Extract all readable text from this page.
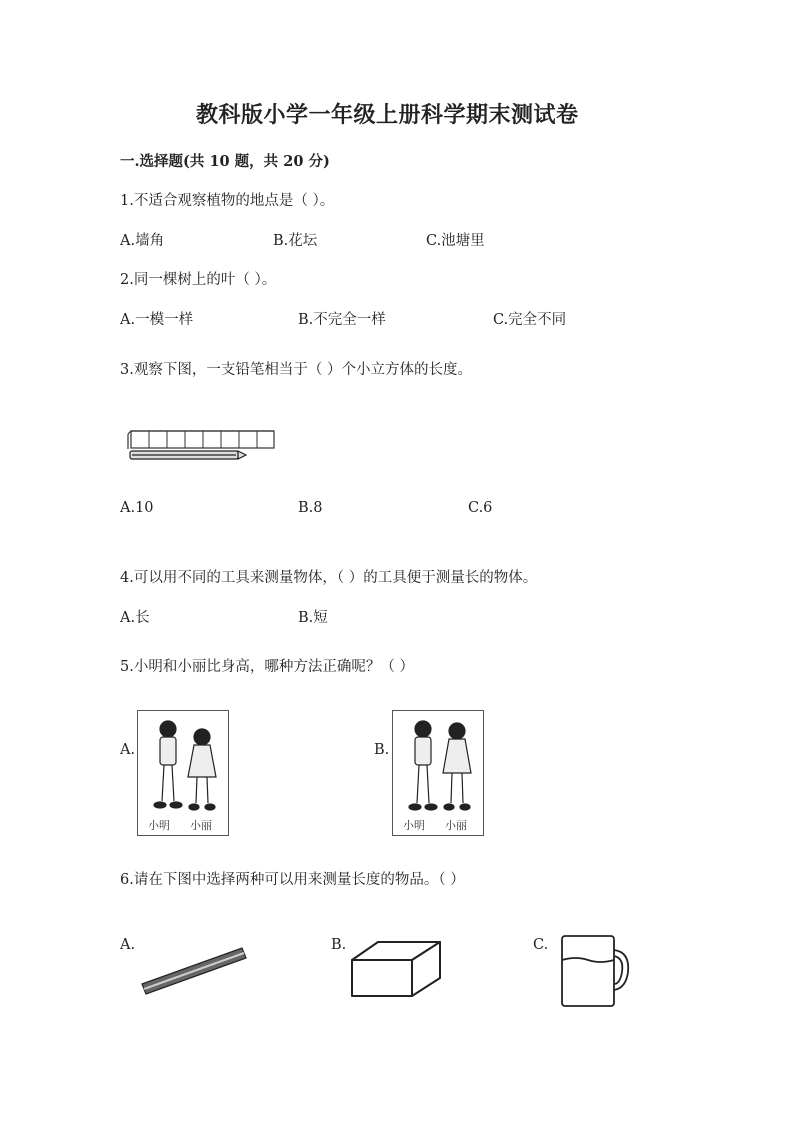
教科版小学一年级上册科学期末测试卷
一.选择题(共 10 题，共 20 分)
1.不适合观察植物的地点是（ ）。
A.墙角	B.花坛	C.池塘里
2.同一棵树上的叶（ ）。
A.一模一样	B.不完全一样	C.完全不同
3.观察下图，一支铅笔相当于（ ）个小立方体的长度。
A.10	B.8	C.6
4.可以用不同的工具来测量物体，（ ）的工具便于测量长的物体。
A.长	B.短
5.小明和小丽比身高，哪种方法正确呢？（ ）
A.
小明 小丽
B.
小明 小丽
6.请在下图中选择两种可以用来测量长度的物品。（ ）
A.	B.	C.
